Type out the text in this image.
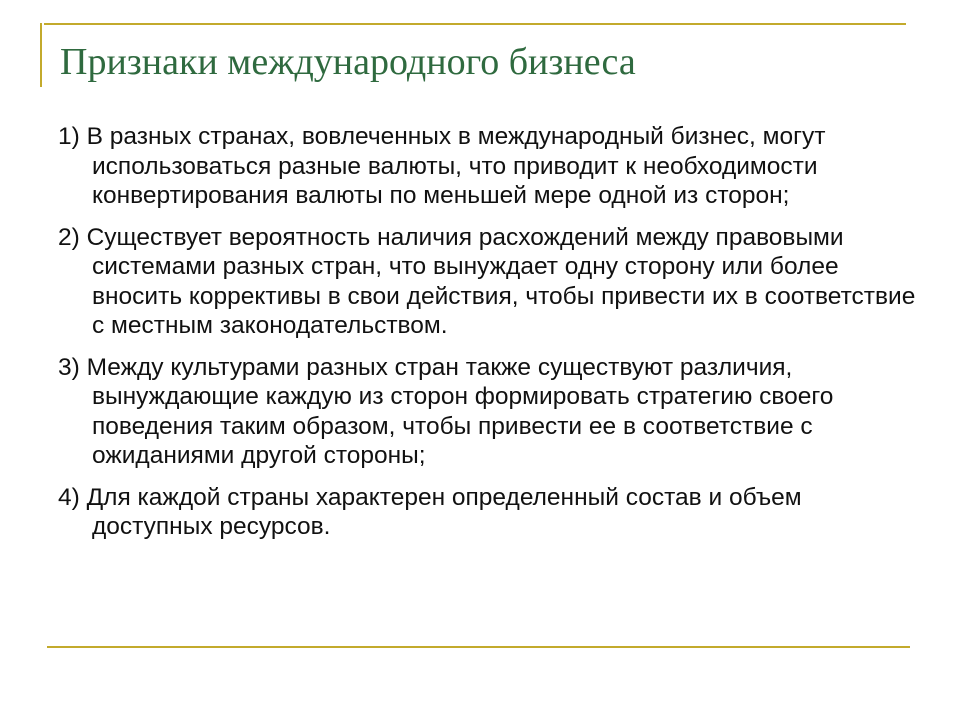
Признаки международного бизнеса
1) В разных странах, вовлеченных в международный бизнес, могут использоваться разные валюты, что приводит к необходимости конвертирования валюты по меньшей мере одной из сторон;
2) Существует вероятность наличия расхождений между правовыми системами разных стран, что вынуждает одну сторону или более вносить коррективы в свои действия, чтобы привести их в соответствие с местным законодательством.
3) Между культурами разных стран также существуют различия, вынуждающие каждую из сторон формировать стратегию своего поведения таким образом, чтобы привести ее в соответствие с ожиданиями другой стороны;
4) Для каждой страны характерен определенный состав и объем доступных ресурсов.
